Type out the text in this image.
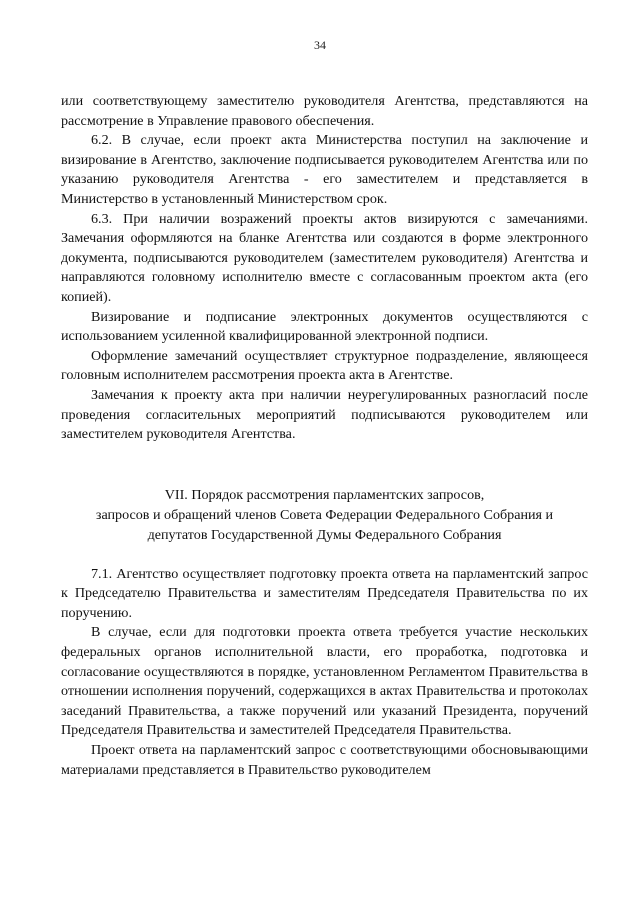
34

или соответствующему заместителю руководителя Агентства, представляются на рассмотрение в Управление правового обеспечения.

6.2. В случае, если проект акта Министерства поступил на заключение и визирование в Агентство, заключение подписывается руководителем Агентства или по указанию руководителя Агентства - его заместителем и представляется в Министерство в установленный Министерством срок.

6.3. При наличии возражений проекты актов визируются с замечаниями. Замечания оформляются на бланке Агентства или создаются в форме электронного документа, подписываются руководителем (заместителем руководителя) Агентства и направляются головному исполнителю вместе с согласованным проектом акта (его копией).

Визирование и подписание электронных документов осуществляются с использованием усиленной квалифицированной электронной подписи.

Оформление замечаний осуществляет структурное подразделение, являющееся головным исполнителем рассмотрения проекта акта в Агентстве.

Замечания к проекту акта при наличии неурегулированных разногласий после проведения согласительных мероприятий подписываются руководителем или заместителем руководителя Агентства.

VII. Порядок рассмотрения парламентских запросов,
запросов и обращений членов Совета Федерации Федерального Собрания и
депутатов Государственной Думы Федерального Собрания

7.1. Агентство осуществляет подготовку проекта ответа на парламентский запрос к Председателю Правительства и заместителям Председателя Правительства по их поручению.

В случае, если для подготовки проекта ответа требуется участие нескольких федеральных органов исполнительной власти, его проработка, подготовка и согласование осуществляются в порядке, установленном Регламентом Правительства в отношении исполнения поручений, содержащихся в актах Правительства и протоколах заседаний Правительства, а также поручений или указаний Президента, поручений Председателя Правительства и заместителей Председателя Правительства.

Проект ответа на парламентский запрос с соответствующими обосновывающими материалами представляется в Правительство руководителем
